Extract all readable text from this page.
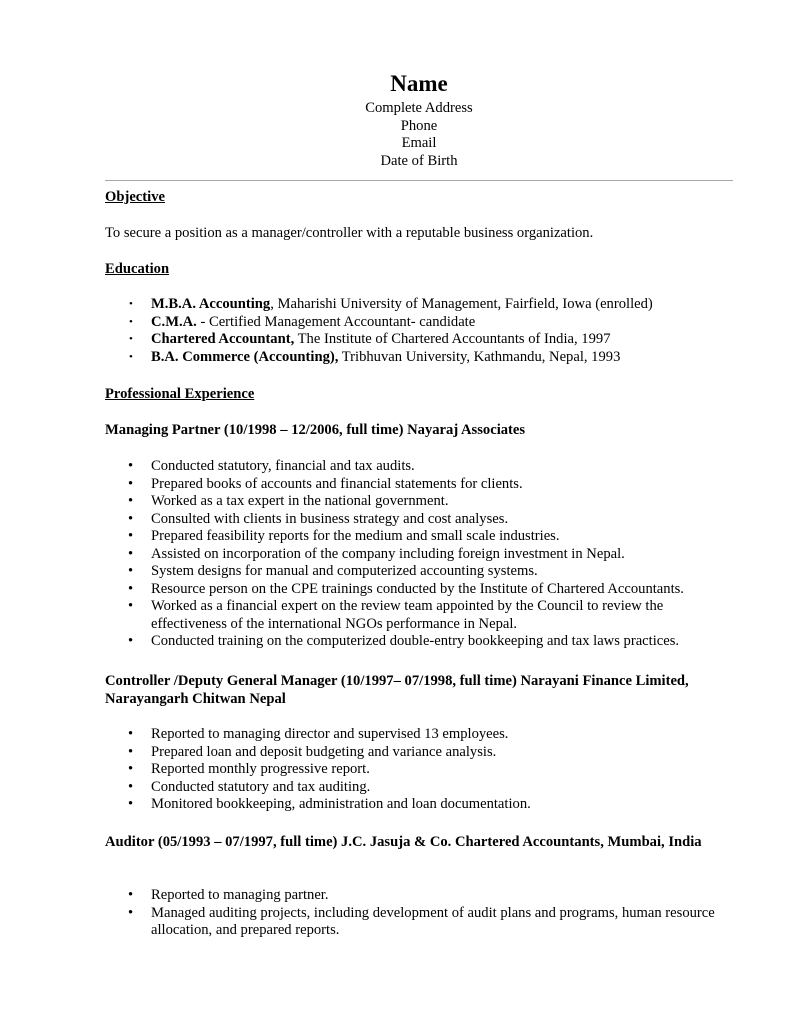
Name
Complete Address
Phone
Email
Date of Birth
Objective
To secure a position as a manager/controller with a reputable business organization.
Education
• M.B.A. Accounting, Maharishi University of Management, Fairfield, Iowa (enrolled)
• C.M.A. - Certified Management Accountant- candidate
• Chartered Accountant, The Institute of Chartered Accountants of India, 1997
• B.A. Commerce (Accounting), Tribhuvan University, Kathmandu, Nepal, 1993
Professional Experience
Managing Partner (10/1998 – 12/2006, full time) Nayaraj Associates
• Conducted statutory, financial and tax audits.
• Prepared books of accounts and financial statements for clients.
• Worked as a tax expert in the national government.
• Consulted with clients in business strategy and cost analyses.
• Prepared feasibility reports for the medium and small scale industries.
• Assisted on incorporation of the company including foreign investment in Nepal.
• System designs for manual and computerized accounting systems.
• Resource person on the CPE trainings conducted by the Institute of Chartered Accountants.
• Worked as a financial expert on the review team appointed by the Council to review the effectiveness of the international NGOs performance in Nepal.
• Conducted training on the computerized double-entry bookkeeping and tax laws practices.
Controller /Deputy General Manager (10/1997– 07/1998, full time) Narayani Finance Limited, Narayangarh Chitwan Nepal
• Reported to managing director and supervised 13 employees.
• Prepared loan and deposit budgeting and variance analysis.
• Reported monthly progressive report.
• Conducted statutory and tax auditing.
• Monitored bookkeeping, administration and loan documentation.
Auditor (05/1993 – 07/1997, full time) J.C. Jasuja & Co. Chartered Accountants, Mumbai, India
• Reported to managing partner.
• Managed auditing projects, including development of audit plans and programs, human resource allocation, and prepared reports.
